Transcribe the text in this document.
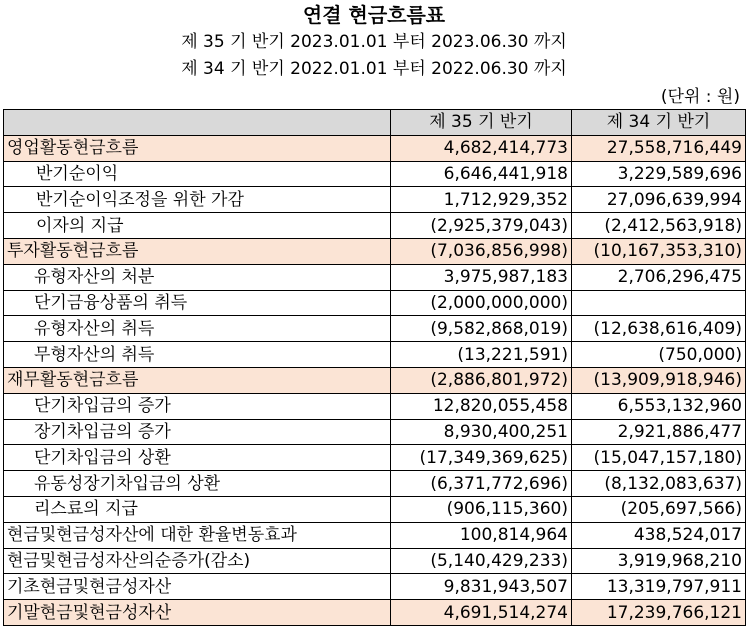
연결 현금흐름표
제 35 기 반기 2023.01.01 부터 2023.06.30 까지
제 34 기 반기 2022.01.01 부터 2022.06.30 까지
(단위 : 원)
	제 35 기 반기	제 34 기 반기
영업활동현금흐름	4,682,414,773	27,558,716,449
반기순이익	6,646,441,918	3,229,589,696
반기순이익조정을 위한 가감	1,712,929,352	27,096,639,994
이자의 지급	(2,925,379,043)	(2,412,563,918)
투자활동현금흐름	(7,036,856,998)	(10,167,353,310)
유형자산의 처분	3,975,987,183	2,706,296,475
단기금융상품의 취득	(2,000,000,000)	
유형자산의 취득	(9,582,868,019)	(12,638,616,409)
무형자산의 취득	(13,221,591)	(750,000)
재무활동현금흐름	(2,886,801,972)	(13,909,918,946)
단기차입금의 증가	12,820,055,458	6,553,132,960
장기차입금의 증가	8,930,400,251	2,921,886,477
단기차입금의 상환	(17,349,369,625)	(15,047,157,180)
유동성장기차입금의 상환	(6,371,772,696)	(8,132,083,637)
리스료의 지급	(906,115,360)	(205,697,566)
현금및현금성자산에 대한 환율변동효과	100,814,964	438,524,017
현금및현금성자산의순증가(감소)	(5,140,429,233)	3,919,968,210
기초현금및현금성자산	9,831,943,507	13,319,797,911
기말현금및현금성자산	4,691,514,274	17,239,766,121
